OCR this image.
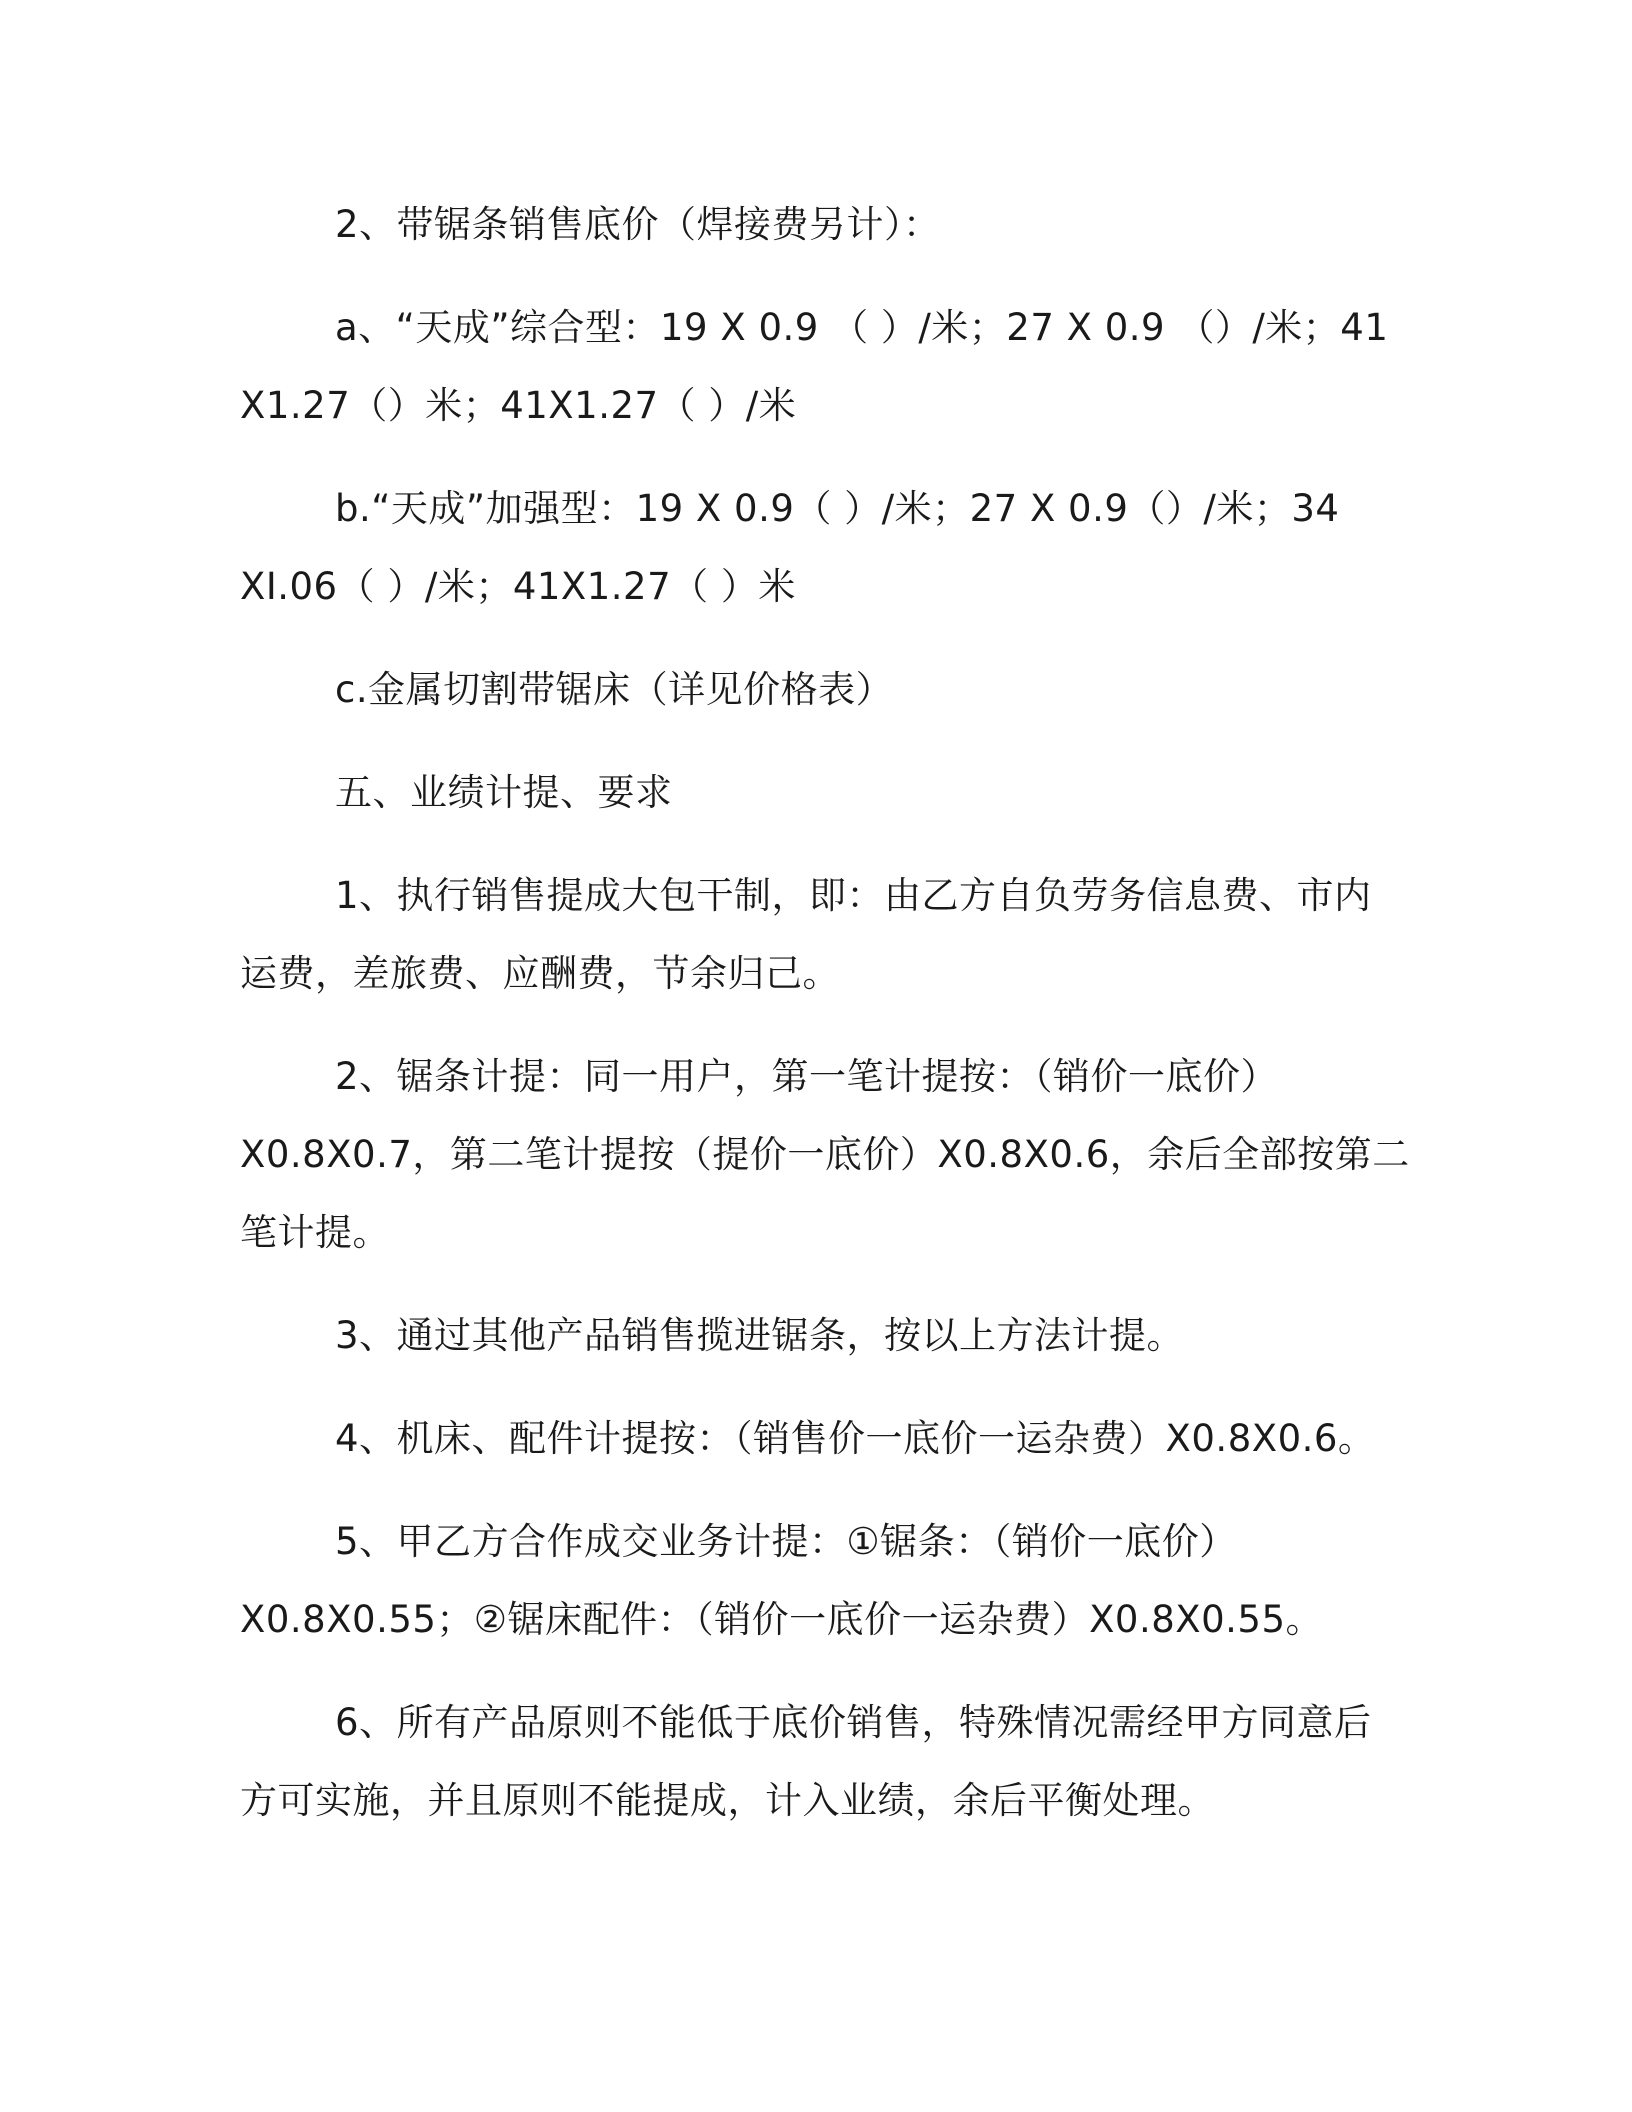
2、带锯条销售底价（焊接费另计）：

a、“天成”综合型：19 X 0.9 （ ）/米；27 X 0.9 （）/米；41
X1.27（）米；41X1.27（ ）/米

b.“天成”加强型：19 X 0.9（ ）/米；27 X 0.9（）/米；34
XI.06（ ）/米；41X1.27（ ）米

c.金属切割带锯床（详见价格表）

五、业绩计提、要求

1、执行销售提成大包干制，即：由乙方自负劳务信息费、市内
运费，差旅费、应酬费，节余归己。

2、锯条计提：同一用户，第一笔计提按：（销价一底价）
X0.8X0.7，第二笔计提按（提价一底价）X0.8X0.6，余后全部按第二
笔计提。

3、通过其他产品销售揽进锯条，按以上方法计提。

4、机床、配件计提按：（销售价一底价一运杂费）X0.8X0.6。

5、甲乙方合作成交业务计提：①锯条：（销价一底价）
X0.8X0.55；②锯床配件：（销价一底价一运杂费）X0.8X0.55。

6、所有产品原则不能低于底价销售，特殊情况需经甲方同意后
方可实施，并且原则不能提成，计入业绩，余后平衡处理。
